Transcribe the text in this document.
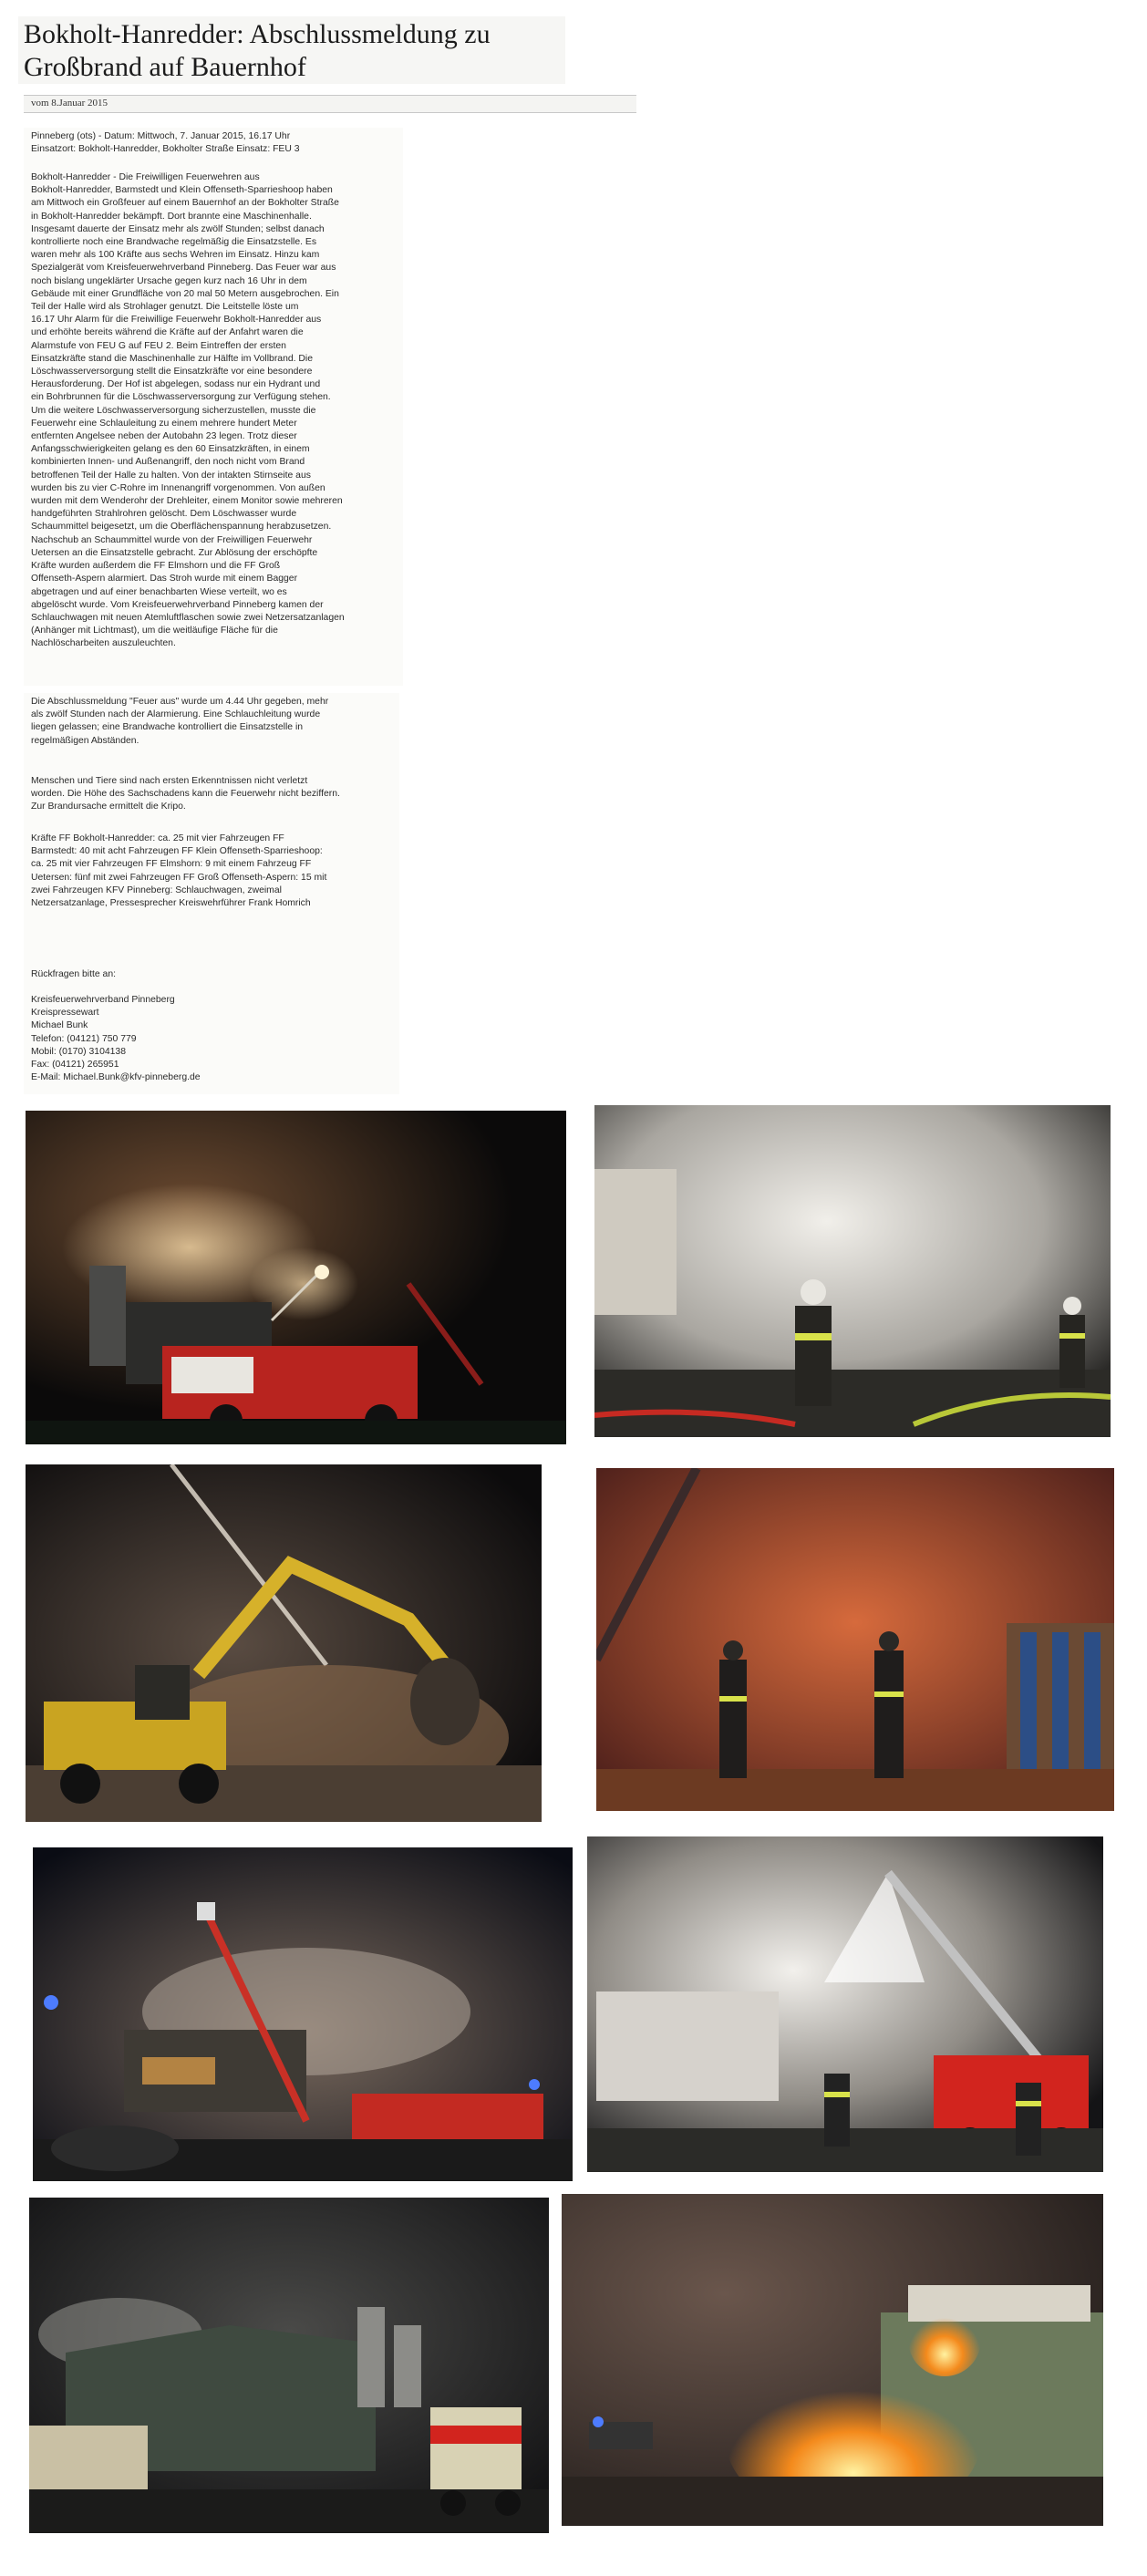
Bokholt-Hanredder: Abschlussmeldung zu Großbrand auf Bauernhof
vom 8.Januar 2015

Pinneberg (ots) - Datum: Mittwoch, 7. Januar 2015, 16.17 Uhr
Einsatzort: Bokholt-Hanredder, Bokholter Straße Einsatz: FEU 3

Bokholt-Hanredder - Die Freiwilligen Feuerwehren aus
Bokholt-Hanredder, Barmstedt und Klein Offenseth-Sparrieshoop haben
am Mittwoch ein Großfeuer auf einem Bauernhof an der Bokholter Straße
in Bokholt-Hanredder bekämpft. Dort brannte eine Maschinenhalle.
Insgesamt dauerte der Einsatz mehr als zwölf Stunden; selbst danach
kontrollierte noch eine Brandwache regelmäßig die Einsatzstelle. Es
waren mehr als 100 Kräfte aus sechs Wehren im Einsatz. Hinzu kam
Spezialgerät vom Kreisfeuerwehrverband Pinneberg. Das Feuer war aus
noch bislang ungeklärter Ursache gegen kurz nach 16 Uhr in dem
Gebäude mit einer Grundfläche von 20 mal 50 Metern ausgebrochen. Ein
Teil der Halle wird als Strohlager genutzt. Die Leitstelle löste um
16.17 Uhr Alarm für die Freiwillige Feuerwehr Bokholt-Hanredder aus
und erhöhte bereits während die Kräfte auf der Anfahrt waren die
Alarmstufe von FEU G auf FEU 2. Beim Eintreffen der ersten
Einsatzkräfte stand die Maschinenhalle zur Hälfte im Vollbrand. Die
Löschwasserversorgung stellt die Einsatzkräfte vor eine besondere
Herausforderung. Der Hof ist abgelegen, sodass nur ein Hydrant und
ein Bohrbrunnen für die Löschwasserversorgung zur Verfügung stehen.
Um die weitere Löschwasserversorgung sicherzustellen, musste die
Feuerwehr eine Schlauleitung zu einem mehrere hundert Meter
entfernten Angelsee neben der Autobahn 23 legen. Trotz dieser
Anfangsschwierigkeiten gelang es den 60 Einsatzkräften, in einem
kombinierten Innen- und Außenangriff, den noch nicht vom Brand
betroffenen Teil der Halle zu halten. Von der intakten Stirnseite aus
wurden bis zu vier C-Rohre im Innenangriff vorgenommen. Von außen
wurden mit dem Wenderohr der Drehleiter, einem Monitor sowie mehreren
handgeführten Strahlrohren gelöscht. Dem Löschwasser wurde
Schaummittel beigesetzt, um die Oberflächenspannung herabzusetzen.
Nachschub an Schaummittel wurde von der Freiwilligen Feuerwehr
Uetersen an die Einsatzstelle gebracht. Zur Ablösung der erschöpfte
Kräfte wurden außerdem die FF Elmshorn und die FF Groß
Offenseth-Aspern alarmiert. Das Stroh wurde mit einem Bagger
abgetragen und auf einer benachbarten Wiese verteilt, wo es
abgelöscht wurde. Vom Kreisfeuerwehrverband Pinneberg kamen der
Schlauchwagen mit neuen Atemluftflaschen sowie zwei Netzersatzanlagen
(Anhänger mit Lichtmast), um die weitläufige Fläche für die
Nachlöscharbeiten auszuleuchten.

Die Abschlussmeldung "Feuer aus" wurde um 4.44 Uhr gegeben, mehr
als zwölf Stunden nach der Alarmierung. Eine Schlauchleitung wurde
liegen gelassen; eine Brandwache kontrolliert die Einsatzstelle in
regelmäßigen Abständen.

Menschen und Tiere sind nach ersten Erkenntnissen nicht verletzt
worden. Die Höhe des Sachschadens kann die Feuerwehr nicht beziffern.
Zur Brandursache ermittelt die Kripo.

Kräfte FF Bokholt-Hanredder: ca. 25 mit vier Fahrzeugen FF
Barmstedt: 40 mit acht Fahrzeugen FF Klein Offenseth-Sparrieshoop:
ca. 25 mit vier Fahrzeugen FF Elmshorn: 9 mit einem Fahrzeug FF
Uetersen: fünf mit zwei Fahrzeugen FF Groß Offenseth-Aspern: 15 mit
zwei Fahrzeugen KFV Pinneberg: Schlauchwagen, zweimal
Netzersatzanlage, Pressesprecher Kreiswehrführer Frank Homrich

Rückfragen bitte an:

Kreisfeuerwehrverband Pinneberg
Kreispressewart
Michael Bunk
Telefon: (04121) 750 779
Mobil: (0170) 3104138
Fax: (04121) 265951
E-Mail: Michael.Bunk@kfv-pinneberg.de
